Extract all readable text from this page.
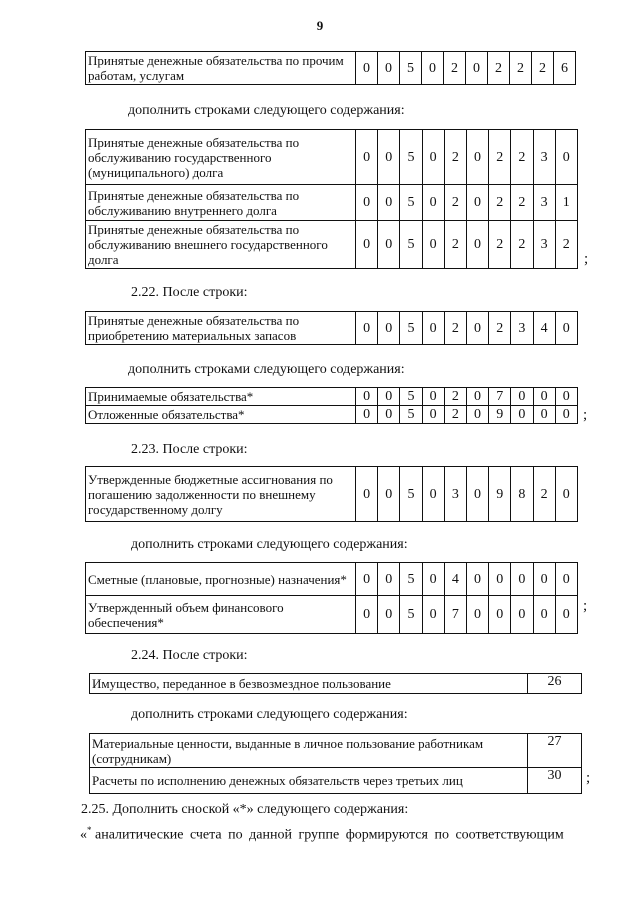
9
Принятые денежные обязательства по прочим работам, услугам	0	0	5	0	2	0	2	2	2	6
дополнить строками следующего содержания:
Принятые денежные обязательства по обслуживанию государственного (муниципального) долга	0	0	5	0	2	0	2	2	3	0
Принятые денежные обязательства по обслуживанию внутреннего долга	0	0	5	0	2	0	2	2	3	1
Принятые денежные обязательства по обслуживанию внешнего государственного долга	0	0	5	0	2	0	2	2	3	2
;
2.22. После строки:
Принятые денежные обязательства по приобретению материальных запасов	0	0	5	0	2	0	2	3	4	0
дополнить строками следующего содержания:
Принимаемые обязательства*	0	0	5	0	2	0	7	0	0	0
Отложенные обязательства*	0	0	5	0	2	0	9	0	0	0 ;
2.23. После строки:
Утвержденные бюджетные ассигнования по погашению задолженности по внешнему государственному долгу	0	0	5	0	3	0	9	8	2	0
дополнить строками следующего содержания:
Сметные (плановые, прогнозные) назначения*	0	0	5	0	4	0	0	0	0	0
Утвержденный объем финансового обеспечения*	0	0	5	0	7	0	0	0	0	0
;
2.24. После строки:
Имущество, переданное в безвозмездное пользование	26
дополнить строками следующего содержания:
Материальные ценности, выданные в личное пользование работникам (сотрудникам)	27
Расчеты по исполнению денежных обязательств через третьих лиц	30 ;
2.25. Дополнить сноской «*» следующего содержания:
«* аналитические счета по данной группе формируются по соответствующим
